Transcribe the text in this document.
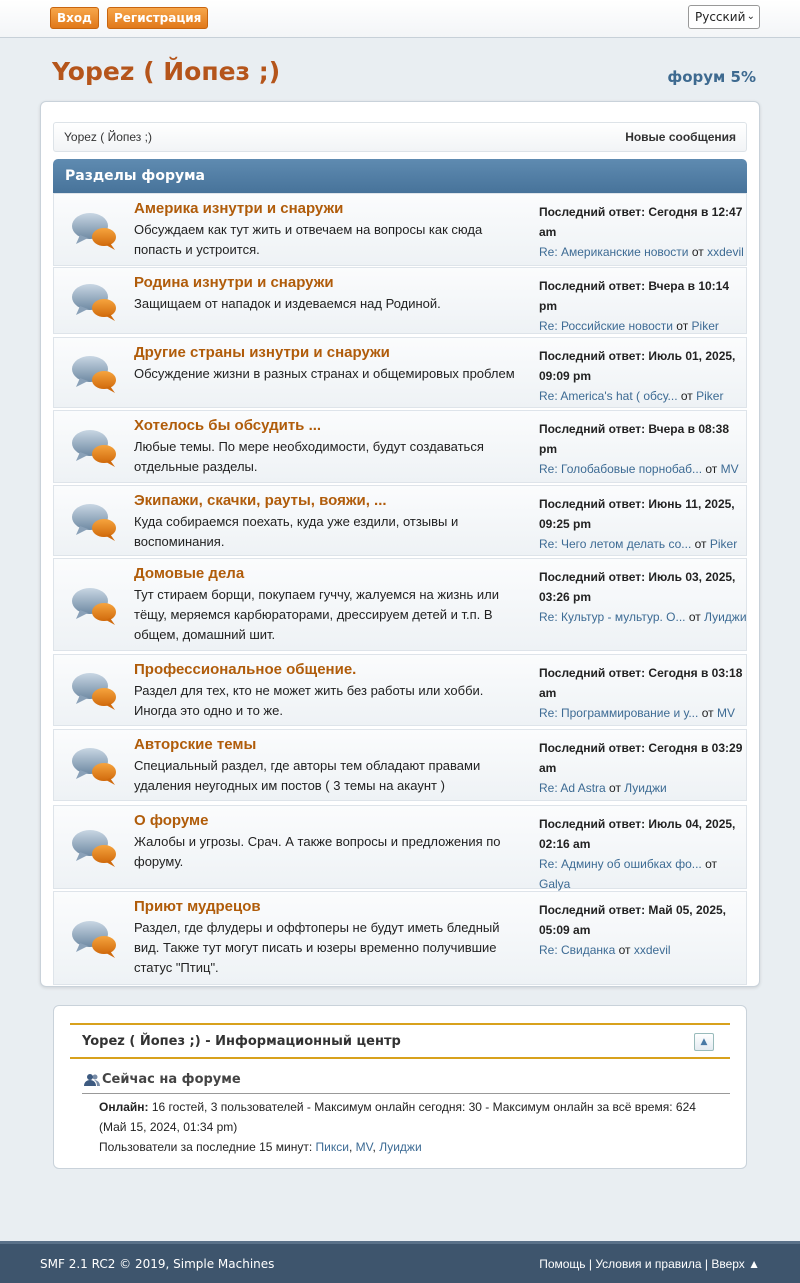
Вход	Регистрация	Русский ⌄
Yopez ( Йопез ;)	форум 5%
Yopez ( Йопез ;)	Новые сообщения
Разделы форума
Америка изнутри и снаружи
Обсуждаем как тут жить и отвечаем на вопросы как сюда попасть и устроится.
Последний ответ: Сегодня в 12:47 am
Re: Американские новости от xxdevil
Родина изнутри и снаружи
Защищаем от нападок и издеваемся над Родиной.
Последний ответ: Вчера в 10:14 pm
Re: Российские новости от Piker
Другие страны изнутри и снаружи
Обсуждение жизни в разных странах и общемировых проблем
Последний ответ: Июль 01, 2025, 09:09 pm
Re: America's hat ( обсу... от Piker
Хотелось бы обсудить ...
Любые темы. По мере необходимости, будут создаваться отдельные разделы.
Последний ответ: Вчера в 08:38 pm
Re: Голобабовые порнобаб... от MV
Экипажи, скачки, рауты, вояжи, ...
Куда собираемся поехать, куда уже ездили, отзывы и воспоминания.
Последний ответ: Июнь 11, 2025, 09:25 pm
Re: Чего летом делать со... от Piker
Домовые дела
Тут стираем борщи, покупаем гуччу, жалуемся на жизнь или тёщу, меряемся карбюраторами, дрессируем детей и т.п. В общем, домашний шит.
Последний ответ: Июль 03, 2025, 03:26 pm
Re: Культур - мультур. О... от Луиджи
Профессиональное общение.
Раздел для тех, кто не может жить без работы или хобби. Иногда это одно и то же.
Последний ответ: Сегодня в 03:18 am
Re: Программирование и у... от MV
Авторские темы
Специальный раздел, где авторы тем обладают правами удаления неугодных им постов ( 3 темы на акаунт )
Последний ответ: Сегодня в 03:29 am
Re: Ad Astra от Луиджи
О форуме
Жалобы и угрозы. Срач. А также вопросы и предложения по форуму.
Последний ответ: Июль 04, 2025, 02:16 am
Re: Админу об ошибках фо... от Galya
Приют мудрецов
Раздел, где флудеры и оффтоперы не будут иметь бледный вид. Также тут могут писать и юзеры временно получившие статус "Птиц".
Последний ответ: Май 05, 2025, 05:09 am
Re: Свиданка от xxdevil
Yopez ( Йопез ;) - Информационный центр	▲
Сейчас на форуме
Онлайн: 16 гостей, 3 пользователей - Максимум онлайн сегодня: 30 - Максимум онлайн за всё время: 624 (Май 15, 2024, 01:34 pm)
Пользователи за последние 15 минут: Пикси, MV, Луиджи
SMF 2.1 RC2 © 2019, Simple Machines	Помощь | Условия и правила | Вверх ▲
